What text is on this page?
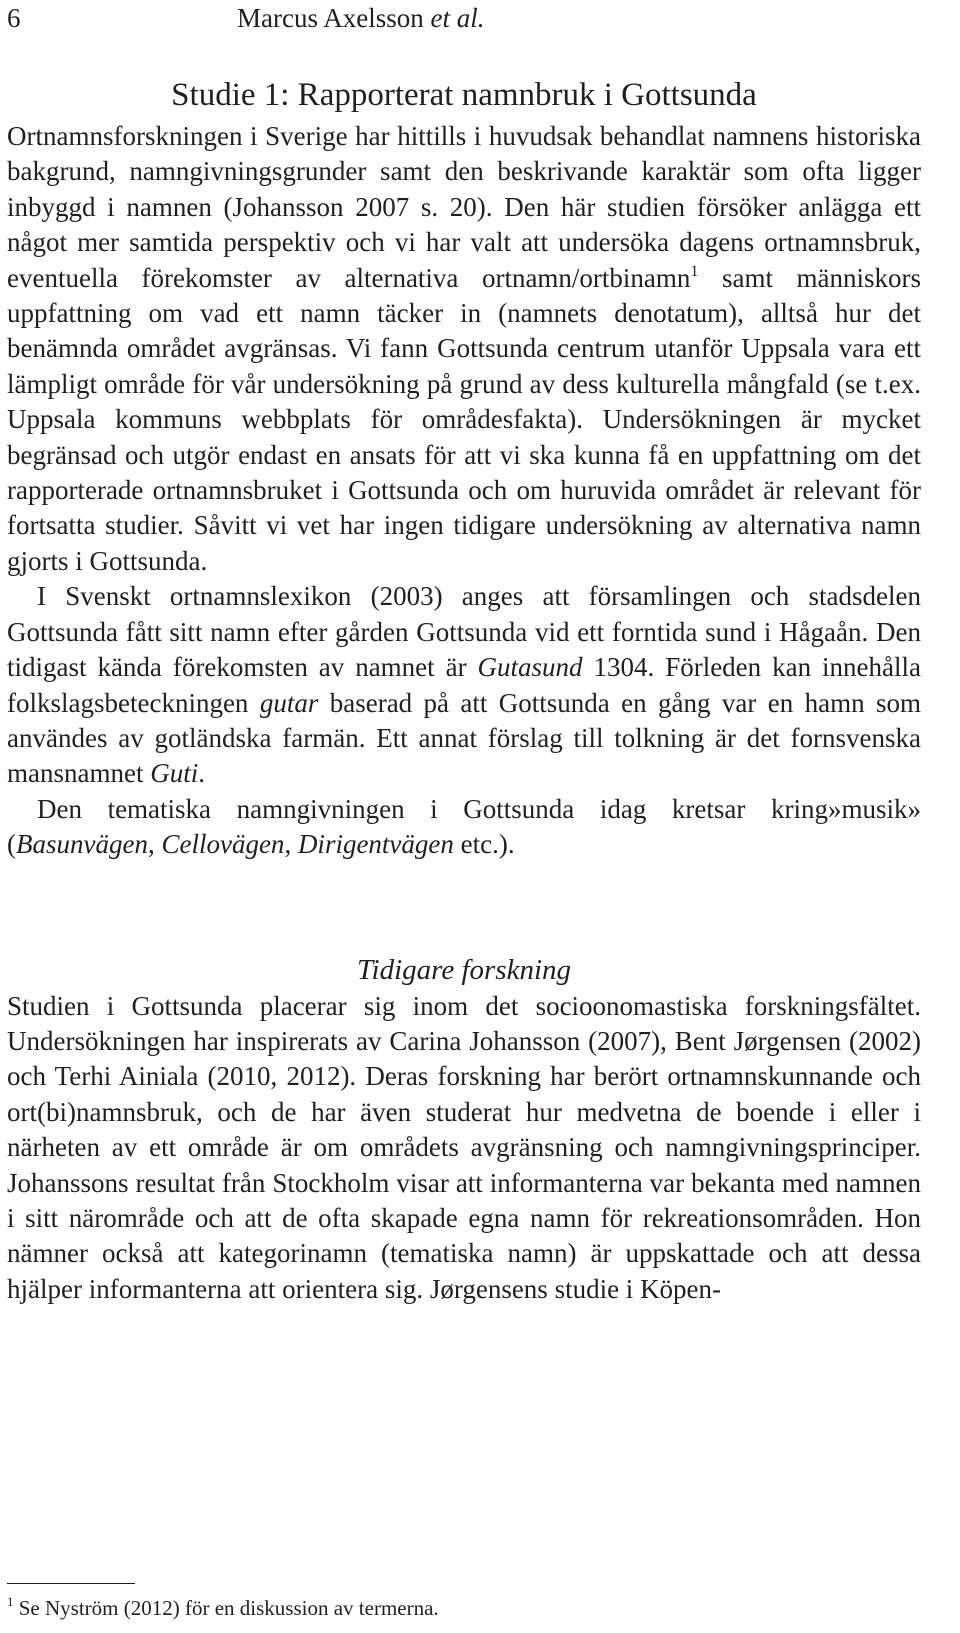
6	Marcus Axelsson et al.
Studie 1: Rapporterat namnbruk i Gottsunda

Ortnamnsforskningen i Sverige har hittills i huvudsak behandlat namnens historiska bakgrund, namngivningsgrunder samt den beskrivande karaktär som ofta ligger inbyggd i namnen (Johansson 2007 s. 20). Den här studien försöker anlägga ett något mer samtida perspektiv och vi har valt att undersöka dagens ortnamnsbruk, eventuella förekomster av alternativa ortnamn/ortbinamn$^1$ samt människors uppfattning om vad ett namn täcker in (namnets denotatum), alltså hur det benämnda området avgränsas. Vi fann Gottsunda centrum utanför Uppsala vara ett lämpligt område för vår undersökning på grund av dess kulturella mångfald (se t.ex. Uppsala kommuns webbplats för områdesfakta). Undersökningen är mycket begränsad och utgör endast en ansats för att vi ska kunna få en uppfattning om det rapporterade ortnamnsbruket i Gottsunda och om huruvida området är relevant för fortsatta studier. Såvitt vi vet har ingen tidigare undersökning av alternativa namn gjorts i Gottsunda.

I Svenskt ortnamnslexikon (2003) anges att församlingen och stadsdelen Gottsunda fått sitt namn efter gården Gottsunda vid ett forntida sund i Hågaån. Den tidigast kända förekomsten av namnet är Gutasund 1304. Förleden kan innehålla folkslagsbeteckningen gutar baserad på att Gottsunda en gång var en hamn som användes av gotländska farmän. Ett annat förslag till tolkning är det fornsvenska mansnamnet Guti.

Den tematiska namngivningen i Gottsunda idag kretsar kring»musik» (Basunvägen, Cellovägen, Dirigentvägen etc.).

Tidigare forskning

Studien i Gottsunda placerar sig inom det socioonomastiska forskningsfältet. Undersökningen har inspirerats av Carina Johansson (2007), Bent Jørgensen (2002) och Terhi Ainiala (2010, 2012). Deras forskning har berört ortnamnskunnande och ort(bi)namnsbruk, och de har även studerat hur medvetna de boende i eller i närheten av ett område är om områdets avgränsning och namngivningsprinciper. Johanssons resultat från Stockholm visar att informanterna var bekanta med namnen i sitt närområde och att de ofta skapade egna namn för rekreationsområden. Hon nämner också att kategorinamn (tematiska namn) är uppskattade och att dessa hjälper informanterna att orientera sig. Jørgensens studie i Köpen-

$^1$ Se Nyström (2012) för en diskussion av termerna.
